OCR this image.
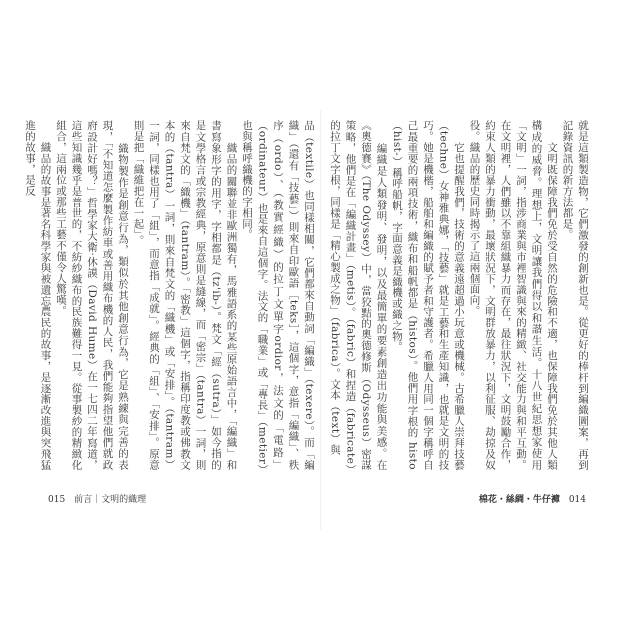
品（textile）也同樣相關，它們都來自動詞「編織」（texere）。而「編織」（還有「技藝」）則來自印歐語［teks］，這個字，意指「編織」、秩序（ordo）、（教實經織）的拉丁文單字ordior，法文的「電路」（ordinateur）也是來自這個字。法文的「職業」或「專長」（metier）也與稱呼織機的字相同。
　　織品的關聯並非歐洲獨有，馬雅語系的某些原始語言中，「編織」和書寫象形字的用字，字相都是（tz'ib-）。梵文「經（sutra）」如今指的是文學格言或宗教經典，原意則是縫線，而「密宗」（tantra）一詞，則來自梵文的「織機」（tantram）。「密教」這個字，指稱印度教或佛教文本的（tantra）一詞，則來自梵文的「織機」或「安排」。（tantram）一詞，同樣也用了「組」，而意指「成就」。經典的「組」、「安排」。原意則是把「織維把在一起」。
　　織物製作是創意行為，類似於其他創意行為，它是熟練與完善的表現，「不知道怎麼製作紡車或善用織布機的人民，我們能夠指望他們就政府設計好嗎？」哲學家大衛·休謨（David Hume）在一七四二年寫道，這些知識幾乎是普世的，不紡紗織布的民族難得一見。從事製紗的精緻化組合，這兩位或那些工藝不僅令人驚嘆。
　　織品的故事是著名科學家與被遺忘農民的故事，是逐漸改進與突飛猛進的故事，是反
015 前言｜文明的織理
就是這類製造物，它們激發的創新也是。從更好的棒杆到編織圖案，再到記錄資訊的新方法都是。
　　文明既保障我們免於受自然的危險和不適，也保障我們免於其他人類構成的威脅。理想上，文明讓我們得以和諧生活。十八世紀思想家使用「文明」一詞，指涉商業與市裡智識與來的精緻、社交能力與和平互動。在文明裡，人們雖以不靠組織暴力而存在，最往狀況下，文明鼓勵合作，約束人類的暴力衝動，最壞狀況下，文明群放暴力，以利征服、劫掠及奴役。織品的歷史同時揭示了這兩個面向。
　　它也提醒我們，技術的意義遠超過小玩意或機械。古希臘人崇拜技藝（techne）女神雅典娜，「技藝」就是工藝和生產知識，也就是文明的技巧。她是機楷，船舶和編織的賦予者和守護者。希臘人用同一個字稱呼自己最重要的兩項技術，織布和船帆都是（histos）。他們用字根的 histo（hist-）稱呼船帆，字面意義是織機或織之物。
　　編織是人類發明、發明，以及最簡單的要素創造出功能與美感。在《奧德賽》（The Odyssey）中，當狡黠的奧德修斯（Odysseus）密謀策略，他們是在「編織計畫」（metis）。（fabric）和捏造（fabricate）的拉丁文字根，同樣是「精心製成之物」（fabrica）。文本（text）與
棉花・絲綢・牛仔褲 014
